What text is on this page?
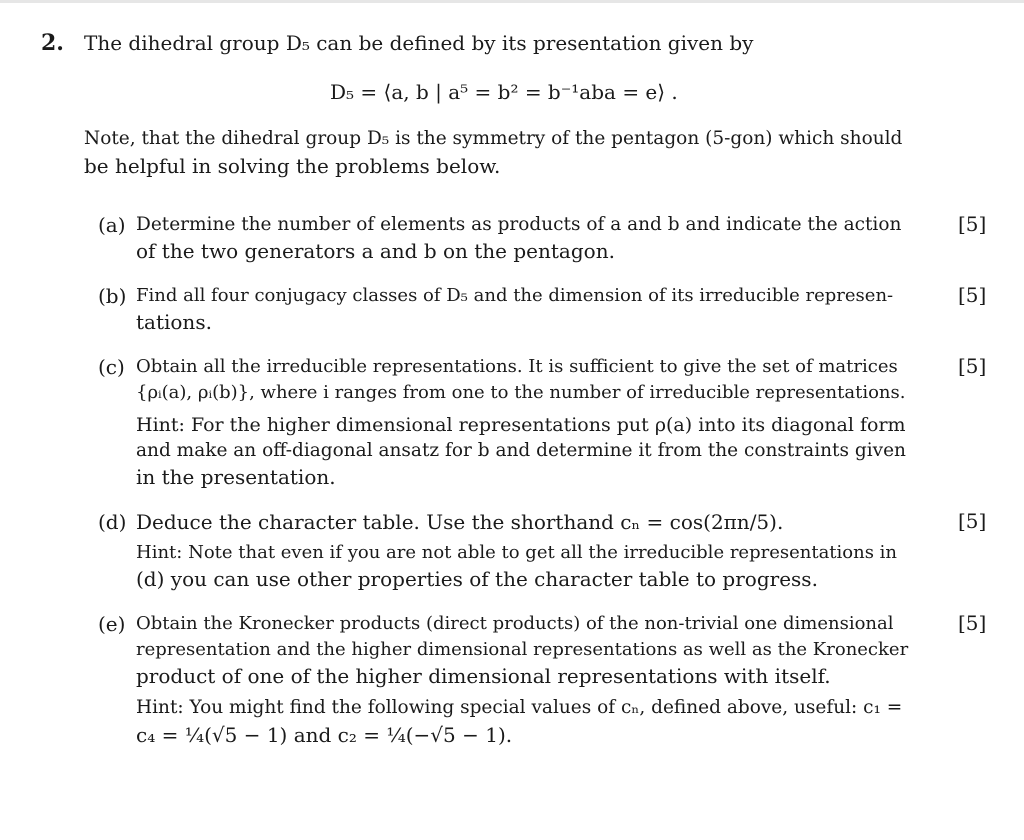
2. The dihedral group D₅ can be defined by its presentation given by
D₅ = ⟨a, b | a⁵ = b² = b⁻¹aba = e⟩ .
Note, that the dihedral group D₅ is the symmetry of the pentagon (5-gon) which should
be helpful in solving the problems below.
(a) Determine the number of elements as products of a and b and indicate the action
of the two generators a and b on the pentagon.
[5]
(b) Find all four conjugacy classes of D₅ and the dimension of its irreducible represen-
tations.
[5]
(c) Obtain all the irreducible representations. It is sufficient to give the set of matrices
{ρᵢ(a), ρᵢ(b)}, where i ranges from one to the number of irreducible representations.
Hint: For the higher dimensional representations put ρ(a) into its diagonal form
and make an off-diagonal ansatz for b and determine it from the constraints given
in the presentation.
[5]
(d) Deduce the character table. Use the shorthand cₙ = cos(2πn/5).
Hint: Note that even if you are not able to get all the irreducible representations in
(d) you can use other properties of the character table to progress.
[5]
(e) Obtain the Kronecker products (direct products) of the non-trivial one dimensional
representation and the higher dimensional representations as well as the Kronecker
product of one of the higher dimensional representations with itself.
Hint: You might find the following special values of cₙ, defined above, useful: c₁ =
c₄ = ¼(√5 − 1) and c₂ = ¼(−√5 − 1).
[5]
